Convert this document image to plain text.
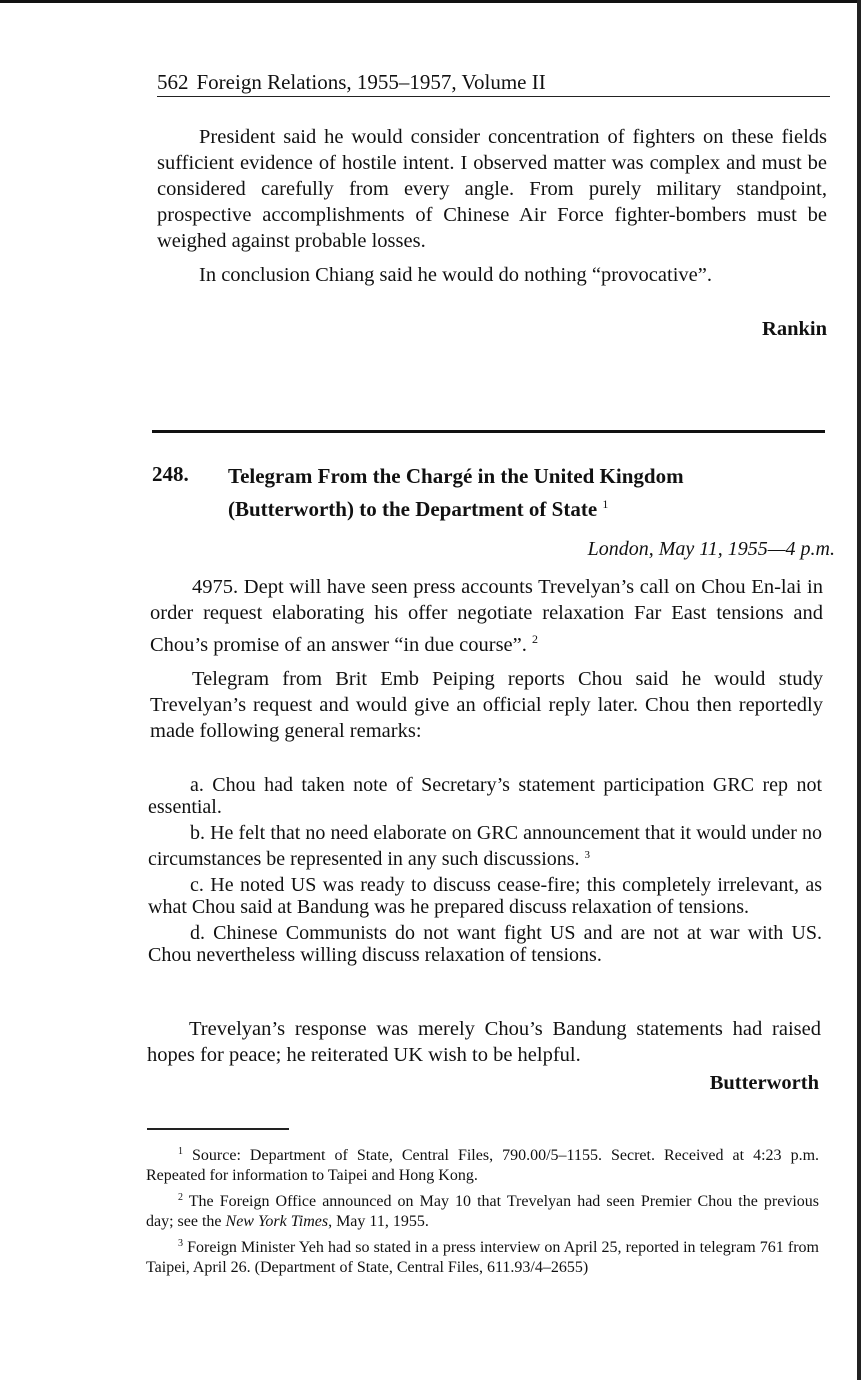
562 Foreign Relations, 1955–1957, Volume II

President said he would consider concentration of fighters on these fields sufficient evidence of hostile intent. I observed matter was complex and must be considered carefully from every angle. From purely military standpoint, prospective accomplishments of Chinese Air Force fighter-bombers must be weighed against probable losses.

In conclusion Chiang said he would do nothing “provocative”.

Rankin
248. Telegram From the Chargé in the United Kingdom
(Butterworth) to the Department of State $^1$
London, May 11, 1955—4 p.m.

4975. Dept will have seen press accounts Trevelyan’s call on Chou En-lai in order request elaborating his offer negotiate relaxation Far East tensions and Chou’s promise of an answer “in due course”. $^2$

Telegram from Brit Emb Peiping reports Chou said he would study Trevelyan’s request and would give an official reply later. Chou then reportedly made following general remarks:

a. Chou had taken note of Secretary’s statement participation GRC rep not essential.

b. He felt that no need elaborate on GRC announcement that it would under no circumstances be represented in any such discussions. $^3$

c. He noted US was ready to discuss cease-fire; this completely irrelevant, as what Chou said at Bandung was he prepared discuss relaxation of tensions.

d. Chinese Communists do not want fight US and are not at war with US. Chou nevertheless willing discuss relaxation of tensions.

Trevelyan’s response was merely Chou’s Bandung statements had raised hopes for peace; he reiterated UK wish to be helpful.

Butterworth

$^1$ Source: Department of State, Central Files, 790.00/5–1155. Secret. Received at 4:23 p.m. Repeated for information to Taipei and Hong Kong.

$^2$ The Foreign Office announced on May 10 that Trevelyan had seen Premier Chou the previous day; see the New York Times, May 11, 1955.

$^3$ Foreign Minister Yeh had so stated in a press interview on April 25, reported in telegram 761 from Taipei, April 26. (Department of State, Central Files, 611.93/4–2655)
